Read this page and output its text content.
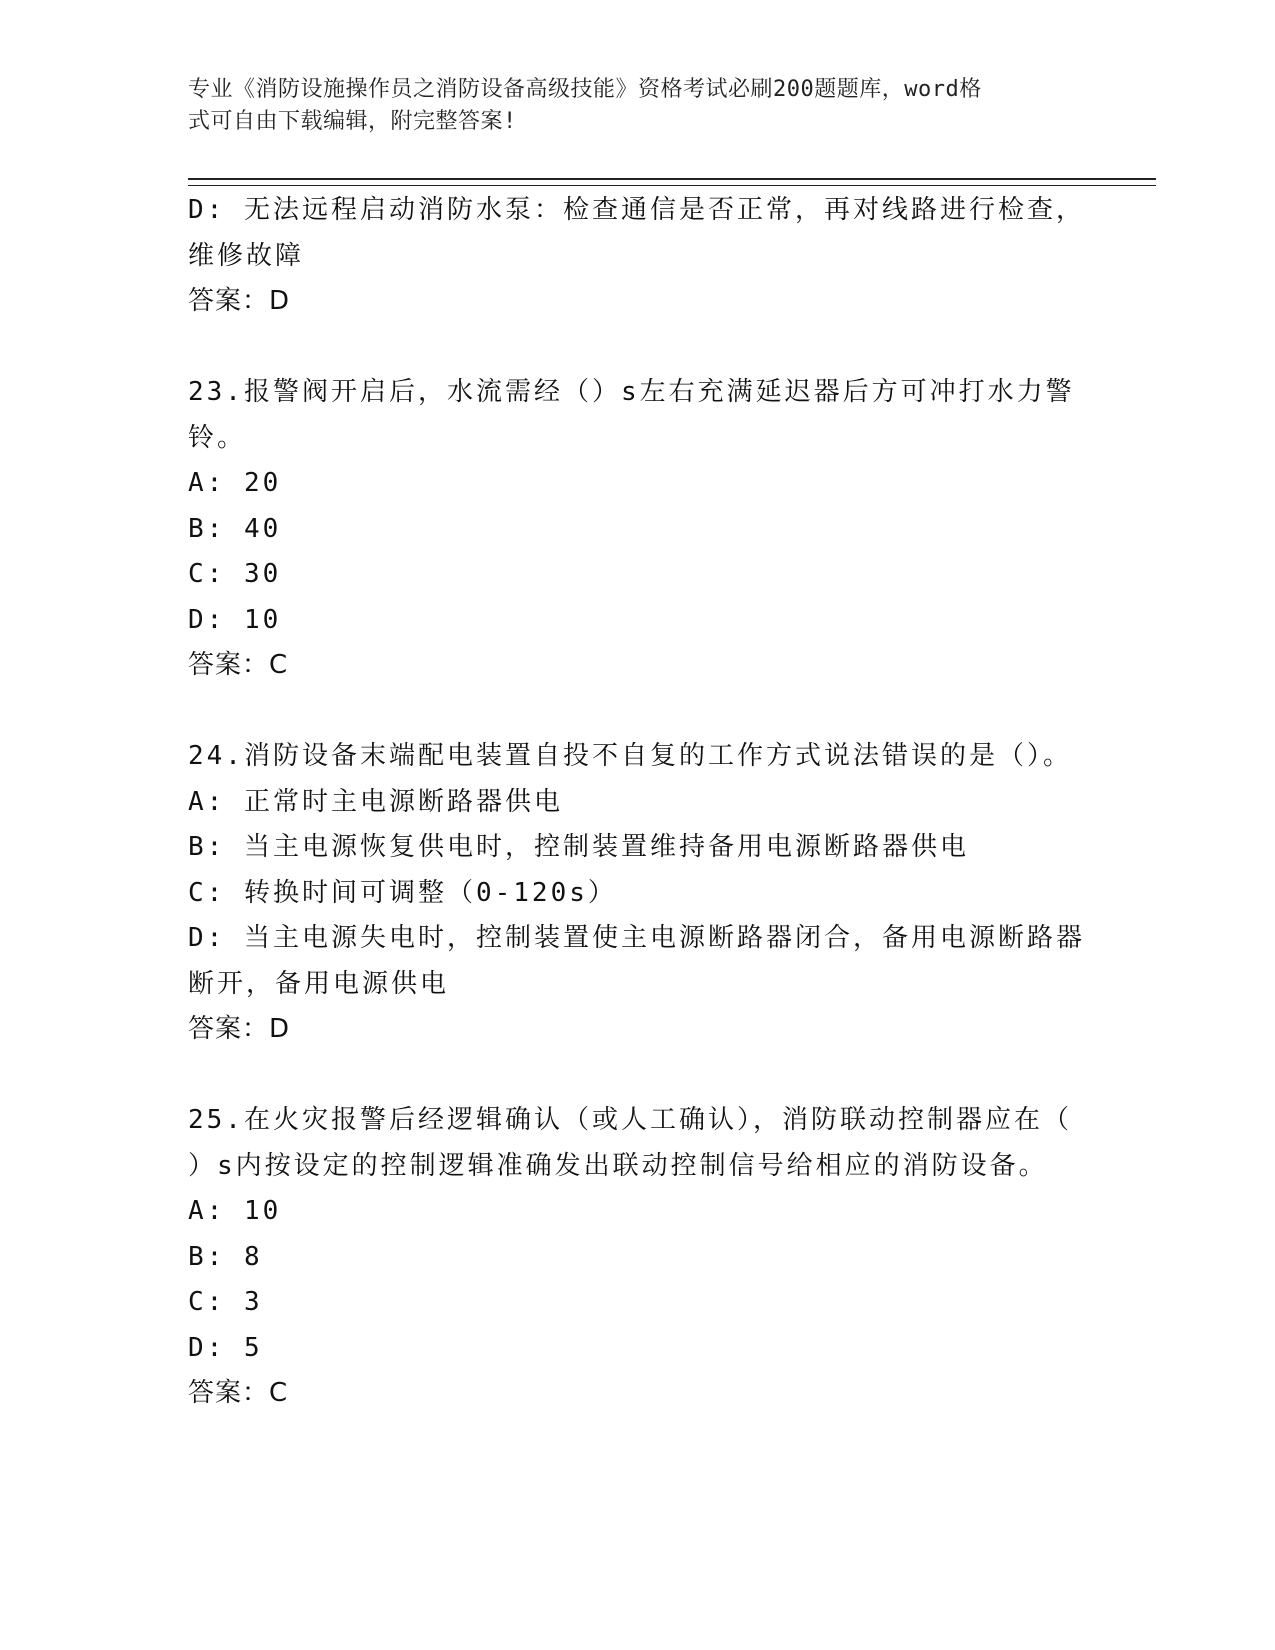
专业《消防设施操作员之消防设备高级技能》资格考试必刷200题题库，word格
式可自由下载编辑，附完整答案!
D: 无法远程启动消防水泵：检查通信是否正常，再对线路进行检查，
维修故障
答案：D
23.报警阀开启后，水流需经（）s左右充满延迟器后方可冲打水力警
铃。
A: 20
B: 40
C: 30
D: 10
答案：C
24.消防设备末端配电装置自投不自复的工作方式说法错误的是（）。
A: 正常时主电源断路器供电
B: 当主电源恢复供电时，控制装置维持备用电源断路器供电
C: 转换时间可调整（0-120s）
D: 当主电源失电时，控制装置使主电源断路器闭合，备用电源断路器
断开，备用电源供电
答案：D
25.在火灾报警后经逻辑确认（或人工确认），消防联动控制器应在（
）s内按设定的控制逻辑准确发出联动控制信号给相应的消防设备。
A: 10
B: 8
C: 3
D: 5
答案：C
